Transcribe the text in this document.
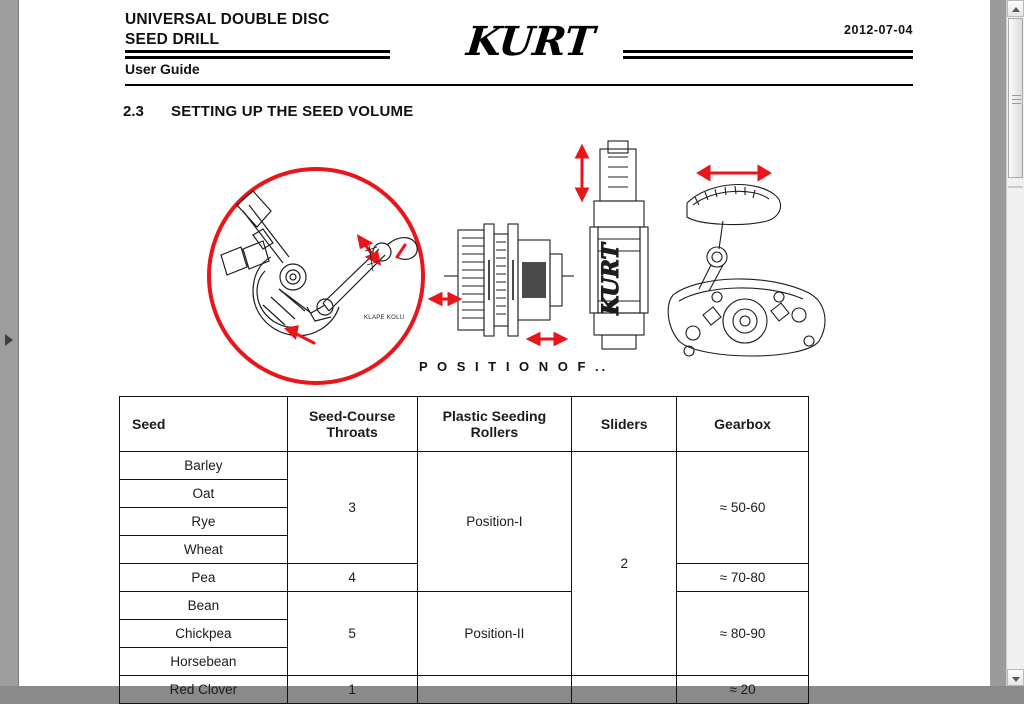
UNIVERSAL DOUBLE DISC
SEED DRILL	KURT	2012-07-04
User Guide
2.3 SETTING UP THE SEED VOLUME
KLAPE KOLU
KURT
P O S I T I O N O F ..
Seed	Seed-Course Throats	Plastic Seeding Rollers	Sliders	Gearbox
Barley	3	Position-I	2	≈ 50-60
Oat				
Rye				
Wheat				
Pea	4			≈ 70-80
Bean	5	Position-II		≈ 80-90
Chickpea				
Horsebean				
Red Clover	1			≈ 20
